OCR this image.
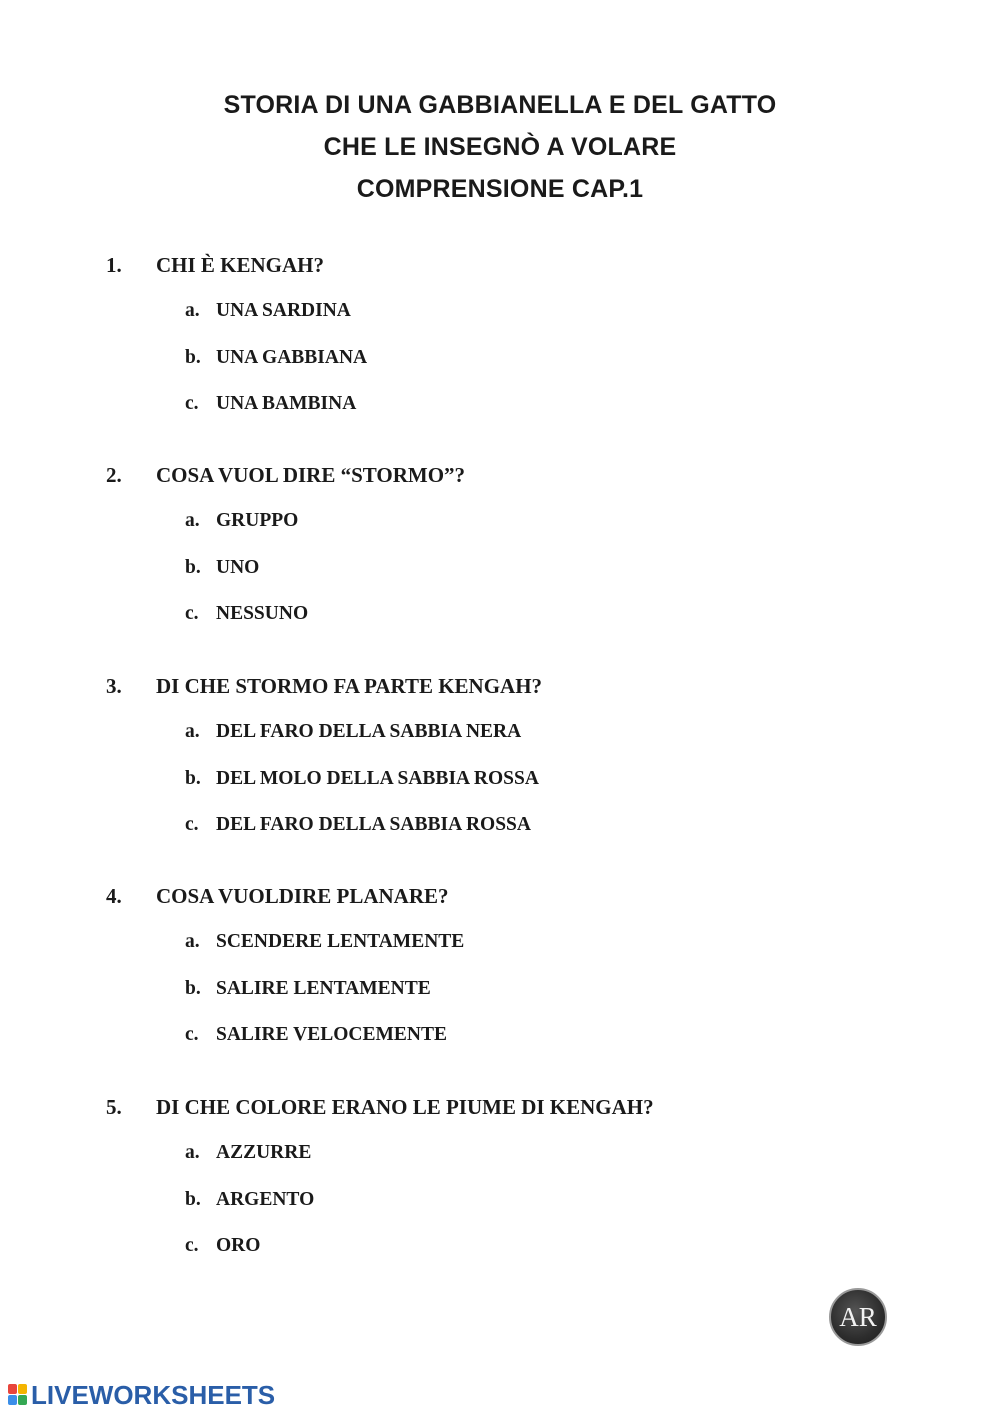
STORIA DI UNA GABBIANELLA E DEL GATTO
CHE LE INSEGNÒ A VOLARE
COMPRENSIONE CAP.1
1. CHI È KENGAH?
a. UNA SARDINA
b. UNA GABBIANA
c. UNA BAMBINA
2. COSA VUOL DIRE “STORMO”?
a. GRUPPO
b. UNO
c. NESSUNO
3. DI CHE STORMO FA PARTE KENGAH?
a. DEL FARO DELLA SABBIA NERA
b. DEL MOLO DELLA SABBIA ROSSA
c. DEL FARO DELLA SABBIA ROSSA
4. COSA VUOLDIRE PLANARE?
a. SCENDERE LENTAMENTE
b. SALIRE LENTAMENTE
c. SALIRE VELOCEMENTE
5. DI CHE COLORE ERANO LE PIUME DI KENGAH?
a. AZZURRE
b. ARGENTO
c. ORO
AR
LIVEWORKSHEETS
